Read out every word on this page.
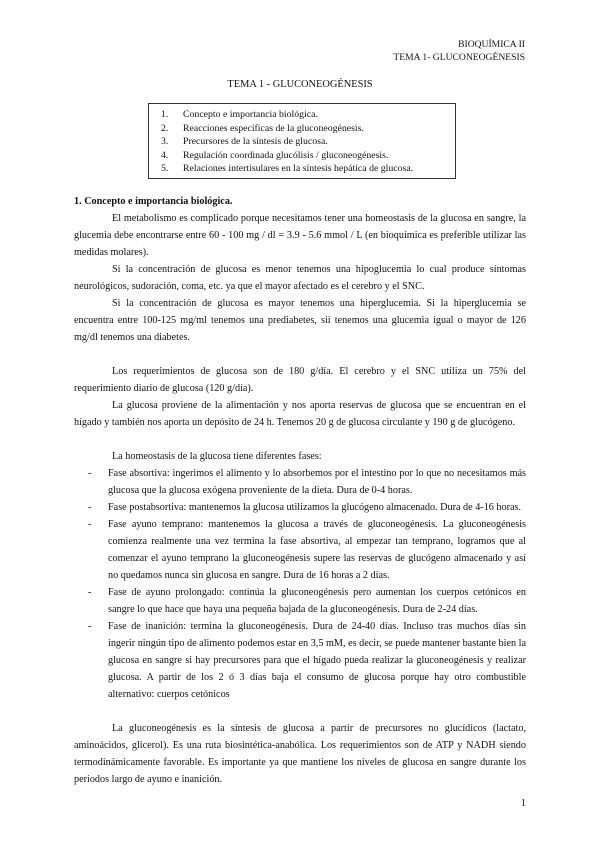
BIOQUÍMICA II
TEMA 1- GLUCONEOGÉNESIS
TEMA 1 - GLUCONEOGÉNESIS
1. Concepto e importancia biológica.
2. Reacciones específicas de la gluconeogénesis.
3. Precursores de la síntesis de glucosa.
4. Regulación coordinada glucólisis / gluconeogénesis.
5. Relaciones intertisulares en la síntesis hepática de glucosa.

1. Concepto e importancia biológica.

El metabolismo es complicado porque necesitamos tener una homeostasis de la glucosa en sangre, la glucemia debe encontrarse entre 60 - 100 mg / dl = 3.9 - 5.6 mmol / L (en bioquímica es preferible utilizar las medidas molares).

Si la concentración de glucosa es menor tenemos una hipoglucemia lo cual produce síntomas neurológicos, sudoración, coma, etc. ya que el mayor afectado es el cerebro y el SNC.

Si la concentración de glucosa es mayor tenemos una hiperglucemia. Si la hiperglucemia se encuentra entre 100-125 mg/ml tenemos una prediabetes, sii tenemos una glucemia igual o mayor de 126 mg/dl tenemos una diabetes.

Los requerimientos de glucosa son de 180 g/día. El cerebro y el SNC utiliza un 75% del requerimiento diario de glucosa (120 g/día).

La glucosa proviene de la alimentación y nos aporta reservas de glucosa que se encuentran en el hígado y también nos aporta un depósito de 24 h. Tenemos 20 g de glucosa circulante y 190 g de glucógeno.

La homeostasis de la glucosa tiene diferentes fases:

- Fase absortiva: ingerimos el alimento y lo absorbemos por el intestino por lo que no necesitamos más glucosa que la glucosa exógena proveniente de la dieta. Dura de 0-4 horas.
- Fase postabsortiva: mantenemos la glucosa utilizamos la glucógeno almacenado. Dura de 4-16 horas.
- Fase ayuno temprano: mantenemos la glucosa a través de gluconeogénesis. La gluconeogénesis comienza realmente una vez termina la fase absortiva, al empezar tan temprano, logramos que al comenzar el ayuno temprano la gluconeogénesis supere las reservas de glucógeno almacenado y así no quedamos nunca sin glucosa en sangre. Dura de 16 horas a 2 días.
- Fase de ayuno prolongado: continúa la gluconeogénesis pero aumentan los cuerpos cetónicos en sangre lo que hace que haya una pequeña bajada de la gluconeogénesis. Dura de 2-24 días.
- Fase de inanición: termina la gluconeogénesis. Dura de 24-40 días. Incluso tras muchos días sin ingerir ningún tipo de alimento podemos estar en 3,5 mM, es decir, se puede mantener bastante bien la glucosa en sangre si hay precursores para que el hígado pueda realizar la gluconeogénesis y realizar glucosa. A partir de los 2 ó 3 días baja el consumo de glucosa porque hay otro combustible alternativo: cuerpos cetónicos

La gluconeogénesis es la síntesis de glucosa a partir de precursores no glucídicos (lactato, aminoácidos, glicerol). Es una ruta biosintética-anabólica. Los requerimientos son de ATP y NADH siendo termodinámicamente favorable. Es importante ya que mantiene los niveles de glucosa en sangre durante los periodos largo de ayuno e inanición.

1
